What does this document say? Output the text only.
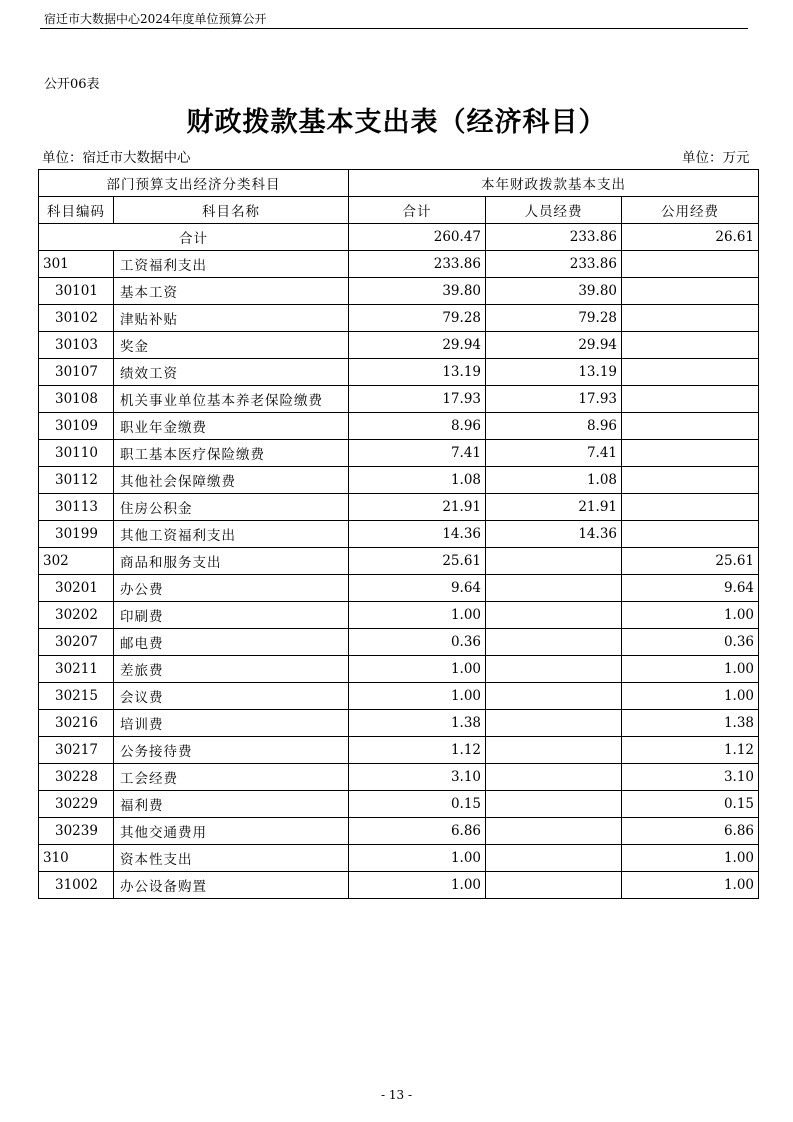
宿迁市大数据中心2024年度单位预算公开
公开06表
财政拨款基本支出表（经济科目）
单位：宿迁市大数据中心	单位：万元
部门预算支出经济分类科目		本年财政拨款基本支出		
科目编码	科目名称	合计	人员经费	公用经费
合计		260.47	233.86	26.61
301	工资福利支出	233.86	233.86	
30101	基本工资	39.80	39.80	
30102	津贴补贴	79.28	79.28	
30103	奖金	29.94	29.94	
30107	绩效工资	13.19	13.19	
30108	机关事业单位基本养老保险缴费	17.93	17.93	
30109	职业年金缴费	8.96	8.96	
30110	职工基本医疗保险缴费	7.41	7.41	
30112	其他社会保障缴费	1.08	1.08	
30113	住房公积金	21.91	21.91	
30199	其他工资福利支出	14.36	14.36	
302	商品和服务支出	25.61		25.61
30201	办公费	9.64		9.64
30202	印刷费	1.00		1.00
30207	邮电费	0.36		0.36
30211	差旅费	1.00		1.00
30215	会议费	1.00		1.00
30216	培训费	1.38		1.38
30217	公务接待费	1.12		1.12
30228	工会经费	3.10		3.10
30229	福利费	0.15		0.15
30239	其他交通费用	6.86		6.86
310	资本性支出	1.00		1.00
31002	办公设备购置	1.00		1.00
- 13 -
